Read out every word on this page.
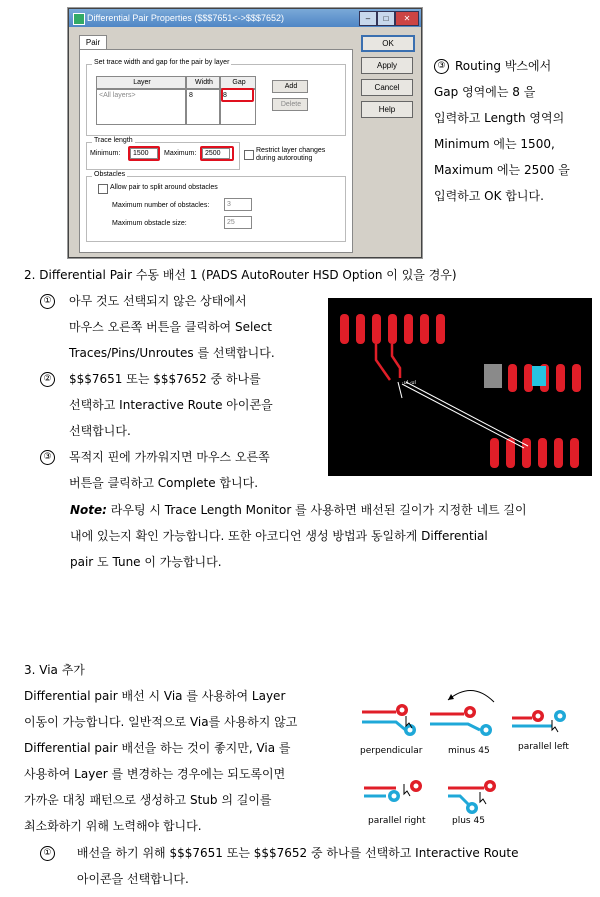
Differential Pair Properties ($$$7651<->$$$7652)	–	□	✕
Pair
Set trace width and gap for the pair by layer
Layer	Width	Gap
<All layers>	8	8
Add
Delete
Trace length
Minimum:	1500	Maximum:	2500	Restrict layer changes
during autorouting
Obstacles
Allow pair to split around obstacles
Maximum number of obstacles:	3
Maximum obstacle size:	25
OK
Apply
Cancel
Help
③ Routing 박스에서
Gap 영역에는 8 을
입력하고 Length 영역의
Minimum 에는 1500,
Maximum 에는 2500 을
입력하고 OK 합니다.
2. Differential Pair 수동 배선 1 (PADS AutoRouter HSD Option 이 있을 경우)
① 아무 것도 선택되지 않은 상태에서
마우스 오른쪽 버튼을 클릭하여 Select
Traces/Pins/Unroutes 를 선택합니다.
② $$$7651 또는 $$$7652 중 하나를
선택하고 Interactive Route 아이콘을
선택합니다.
③ 목적지 핀에 가까워지면 마우스 오른쪽
버튼을 클릭하고 Complete 합니다.
Note: 라우팅 시 Trace Length Monitor 를 사용하면 배선된 길이가 지정한 네트 길이
내에 있는지 확인 가능합니다. 또한 아코디언 생성 방법과 동일하게 Differential
pair 도 Tune 이 가능합니다.
·ul ·ul
3. Via 추가
Differential pair 배선 시 Via 를 사용하여 Layer
이동이 가능합니다. 일반적으로 Via를 사용하지 않고
Differential pair 배선을 하는 것이 좋지만, Via 를
사용하여 Layer 를 변경하는 경우에는 되도록이면
가까운 대칭 패턴으로 생성하고 Stub 의 길이를
최소화하기 위해 노력해야 합니다.
perpendicular	minus 45	parallel left
parallel right	plus 45
① 배선을 하기 위해 $$$7651 또는 $$$7652 중 하나를 선택하고 Interactive Route
아이콘을 선택합니다.
